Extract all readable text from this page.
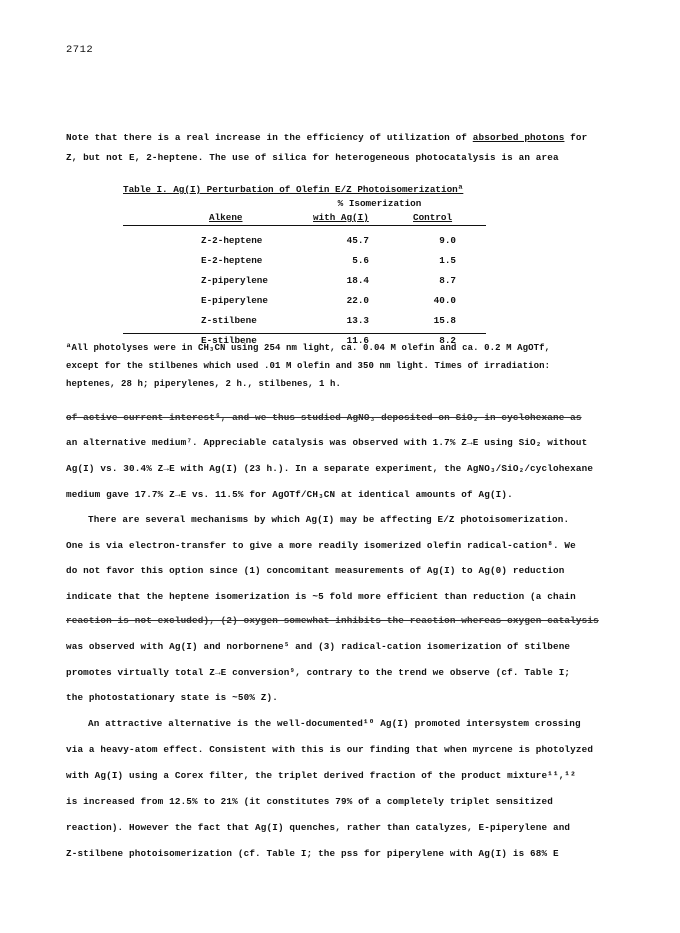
2712
Note that there is a real increase in the efficiency of utilization of absorbed photons for
Z, but not E, 2-heptene. The use of silica for heterogeneous photocatalysis is an area
Table I. Ag(I) Perturbation of Olefin E/Z Photoisomerizationª
% Isomerization
Alkene	with Ag(I)	Control
Z-2-heptene	45.7	9.0
E-2-heptene	5.6	1.5
Z-piperylene	18.4	8.7
E-piperylene	22.0	40.0
Z-stilbene	13.3	15.8
E-stilbene	11.6	8.2
ªAll photolyses were in CH₃CN using 254 nm light, ca. 0.04 M olefin and ca. 0.2 M AgOTf,
except for the stilbenes which used .01 M olefin and 350 nm light. Times of irradiation:
heptenes, 28 h; piperylenes, 2 h., stilbenes, 1 h.
of active current interest⁶, and we thus studied AgNO₃ deposited on SiO₂ in cyclohexane as
an alternative medium⁷. Appreciable catalysis was observed with 1.7% Z→E using SiO₂ without
Ag(I) vs. 30.4% Z→E with Ag(I) (23 h.). In a separate experiment, the AgNO₃/SiO₂/cyclohexane
medium gave 17.7% Z→E vs. 11.5% for AgOTf/CH₃CN at identical amounts of Ag(I).
There are several mechanisms by which Ag(I) may be affecting E/Z photoisomerization.
One is via electron-transfer to give a more readily isomerized olefin radical-cation⁸. We
do not favor this option since (1) concomitant measurements of Ag(I) to Ag(0) reduction
indicate that the heptene isomerization is ~5 fold more efficient than reduction (a chain
reaction is not excluded), (2) oxygen somewhat inhibits the reaction whereas oxygen catalysis
was observed with Ag(I) and norbornene⁵ and (3) radical-cation isomerization of stilbene
promotes virtually total Z→E conversion⁹, contrary to the trend we observe (cf. Table I;
the photostationary state is ~50% Z).
An attractive alternative is the well-documented¹⁰ Ag(I) promoted intersystem crossing
via a heavy-atom effect. Consistent with this is our finding that when myrcene is photolyzed
with Ag(I) using a Corex filter, the triplet derived fraction of the product mixture¹¹,¹²
is increased from 12.5% to 21% (it constitutes 79% of a completely triplet sensitized
reaction). However the fact that Ag(I) quenches, rather than catalyzes, E-piperylene and
Z-stilbene photoisomerization (cf. Table I; the pss for piperylene with Ag(I) is 68% E
